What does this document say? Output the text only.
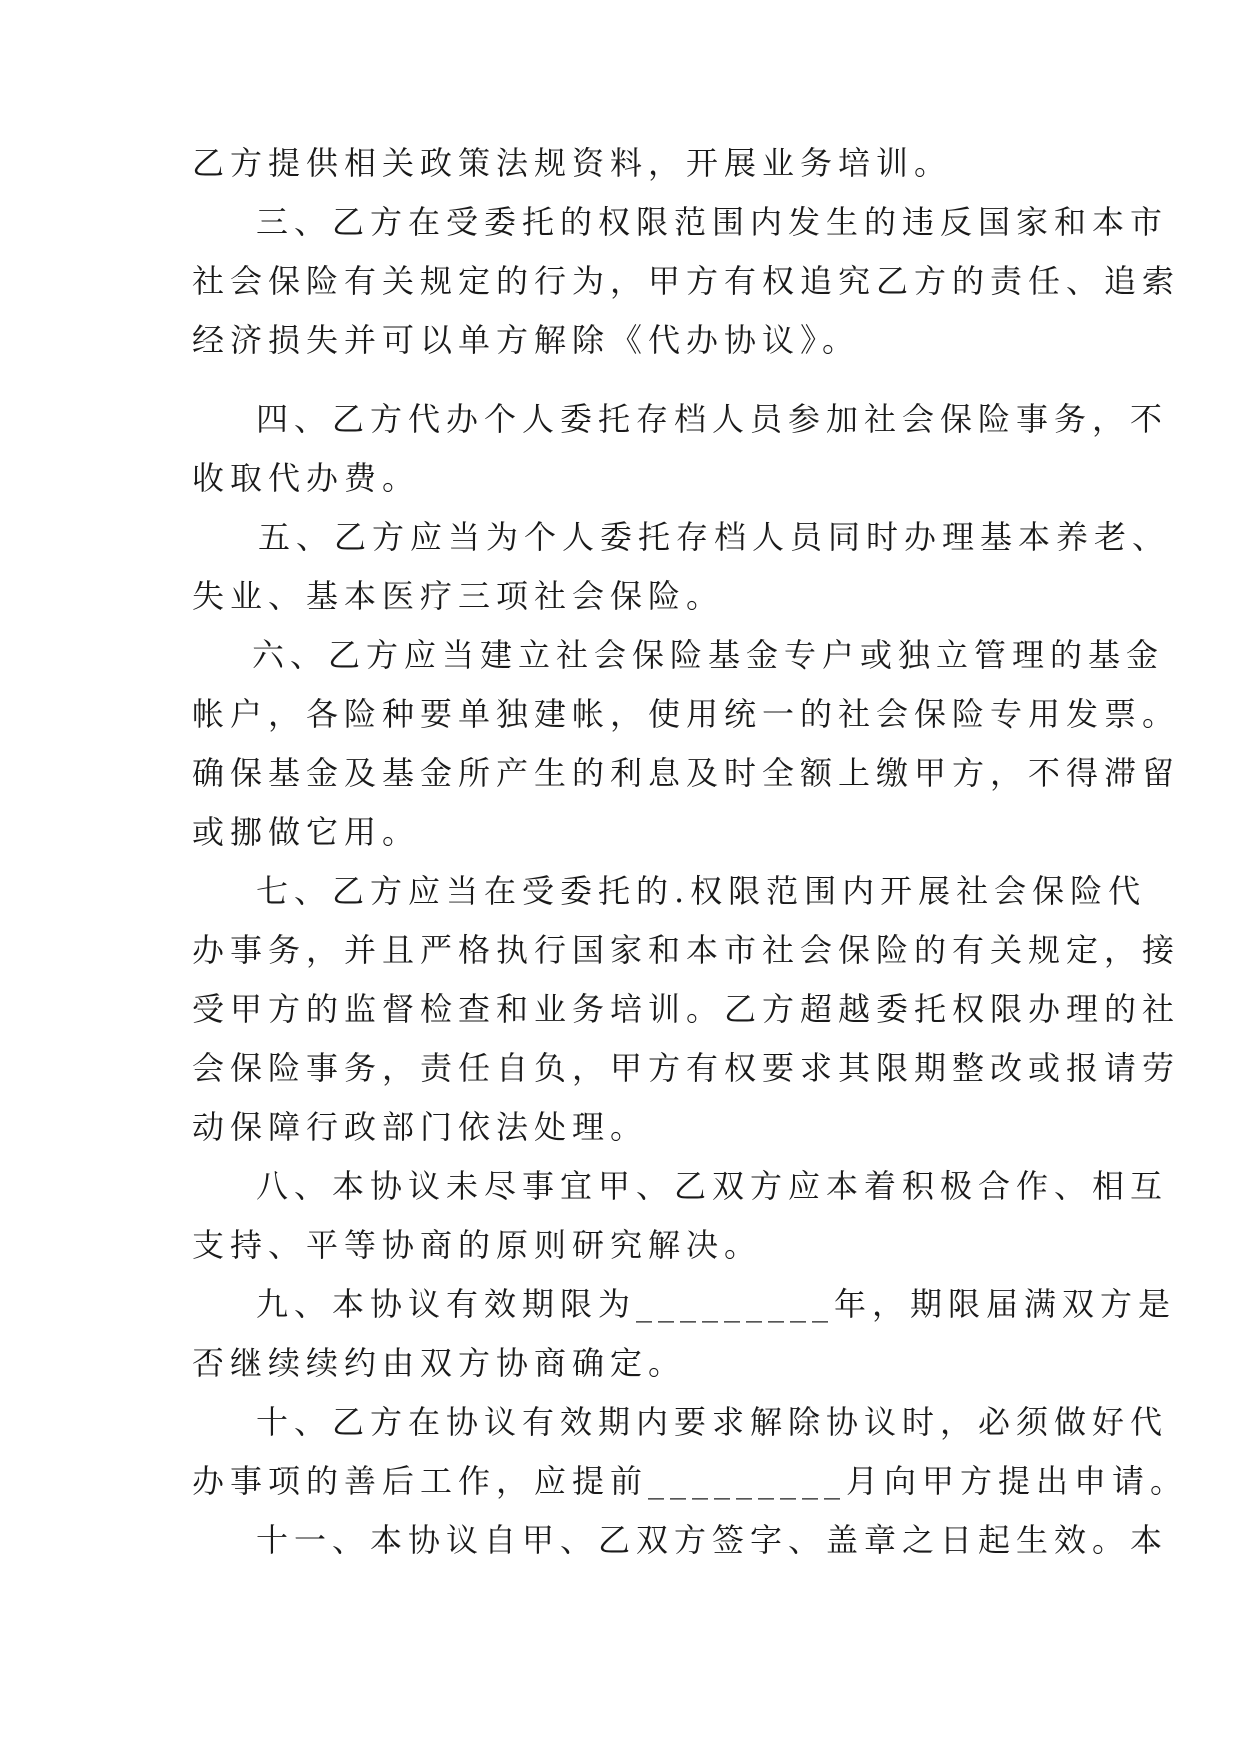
乙方提供相关政策法规资料，开展业务培训。
三、乙方在受委托的权限范围内发生的违反国家和本市
社会保险有关规定的行为，甲方有权追究乙方的责任、追索
经济损失并可以单方解除《代办协议》。
四、乙方代办个人委托存档人员参加社会保险事务，不
收取代办费。
五、乙方应当为个人委托存档人员同时办理基本养老、
失业、基本医疗三项社会保险。
六、乙方应当建立社会保险基金专户或独立管理的基金
帐户，各险种要单独建帐，使用统一的社会保险专用发票。
确保基金及基金所产生的利息及时全额上缴甲方，不得滞留
或挪做它用。
七、乙方应当在受委托的.权限范围内开展社会保险代
办事务，并且严格执行国家和本市社会保险的有关规定，接
受甲方的监督检查和业务培训。乙方超越委托权限办理的社
会保险事务，责任自负，甲方有权要求其限期整改或报请劳
动保障行政部门依法处理。
八、本协议未尽事宜甲、乙双方应本着积极合作、相互
支持、平等协商的原则研究解决。
九、本协议有效期限为_________年，期限届满双方是
否继续续约由双方协商确定。
十、乙方在协议有效期内要求解除协议时，必须做好代
办事项的善后工作，应提前_________月向甲方提出申请。
十一、本协议自甲、乙双方签字、盖章之日起生效。本
